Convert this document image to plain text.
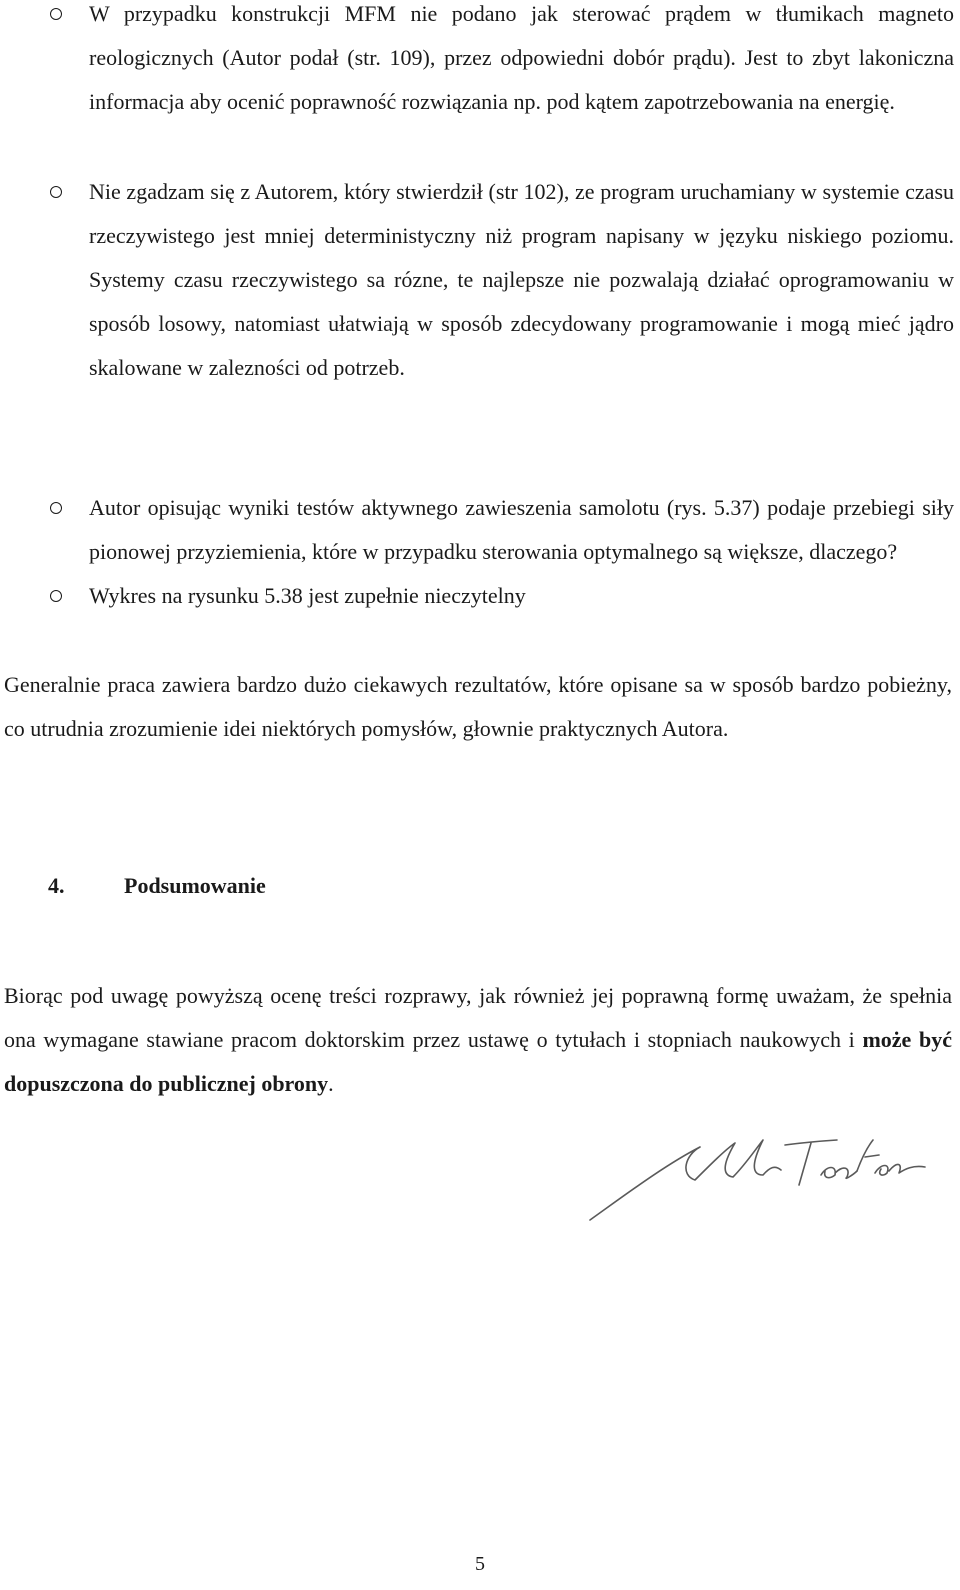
W przypadku konstrukcji MFM nie podano jak sterować prądem w tłumikach magneto reologicznych (Autor podał (str. 109), przez odpowiedni dobór prądu). Jest to zbyt lakoniczna informacja aby ocenić poprawność rozwiązania np. pod kątem zapotrzebowania na energię.
Nie zgadzam się z Autorem, który stwierdził (str 102), ze program uruchamiany w systemie czasu rzeczywistego jest mniej deterministyczny niż program napisany w języku niskiego poziomu. Systemy czasu rzeczywistego sa rózne, te najlepsze nie pozwalają działać oprogramowaniu w sposób losowy, natomiast ułatwiają w sposób zdecydowany programowanie i mogą mieć jądro skalowane w zalezności od potrzeb.
Autor opisując wyniki testów aktywnego zawieszenia samolotu (rys. 5.37) podaje przebiegi siły pionowej przyziemienia, które w przypadku sterowania optymalnego są większe, dlaczego?
Wykres na rysunku 5.38 jest zupełnie nieczytelny

Generalnie praca zawiera bardzo dużo ciekawych rezultatów, które opisane sa w sposób bardzo pobieżny, co utrudnia zrozumienie idei niektórych pomysłów, głownie praktycznych Autora.

4.	Podsumowanie

Biorąc pod uwagę powyższą ocenę treści rozprawy, jak również jej poprawną formę uważam, że spełnia ona wymagane stawiane pracom doktorskim przez ustawę o tytułach i stopniach naukowych i może być dopuszczona do publicznej obrony.

5
